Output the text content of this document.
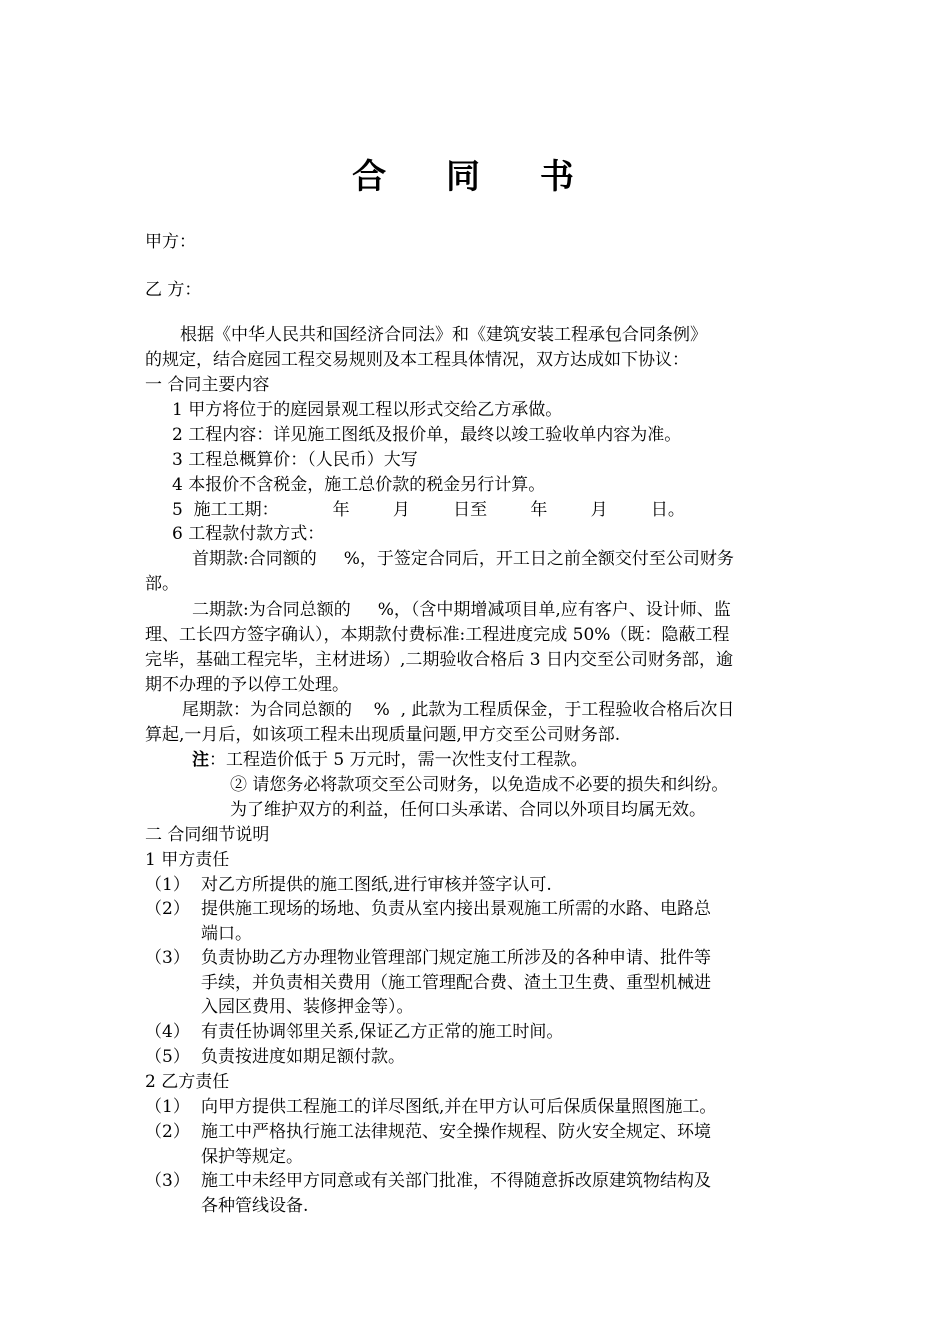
合 同 书
甲方：
乙 方：
根据《中华人民共和国经济合同法》和《建筑安装工程承包合同条例》
的规定，结合庭园工程交易规则及本工程具体情况，双方达成如下协议：
一 合同主要内容
1 甲方将位于的庭园景观工程以形式交给乙方承做。
2 工程内容：详见施工图纸及报价单，最终以竣工验收单内容为准。
3 工程总概算价：（人民币）大写
4 本报价不含税金，施工总价款的税金另行计算。
5  施工工期：          年        月        日至        年        月        日。
6 工程款付款方式：
首期款:合同额的     %，于签定合同后，开工日之前全额交付至公司财务
部。
二期款:为合同总额的     %，（含中期增减项目单,应有客户、设计师、监
理、工长四方签字确认），本期款付费标准:工程进度完成 50%（既：隐蔽工程
完毕，基础工程完毕，主材进场）,二期验收合格后 3 日内交至公司财务部，逾
期不办理的予以停工处理。
尾期款：为合同总额的    %  , 此款为工程质保金，于工程验收合格后次日
算起,一月后，如该项工程未出现质量问题,甲方交至公司财务部.
注：工程造价低于 5 万元时，需一次性支付工程款。
② 请您务必将款项交至公司财务，以免造成不必要的损失和纠纷。
为了维护双方的利益，任何口头承诺、合同以外项目均属无效。
二 合同细节说明
1 甲方责任
（1） 对乙方所提供的施工图纸,进行审核并签字认可.
（2） 提供施工现场的场地、负责从室内接出景观施工所需的水路、电路总
端口。
（3） 负责协助乙方办理物业管理部门规定施工所涉及的各种申请、批件等
手续，并负责相关费用（施工管理配合费、渣土卫生费、重型机械进
入园区费用、装修押金等）。
（4） 有责任协调邻里关系,保证乙方正常的施工时间。
（5） 负责按进度如期足额付款。
2 乙方责任
（1） 向甲方提供工程施工的详尽图纸,并在甲方认可后保质保量照图施工。
（2） 施工中严格执行施工法律规范、安全操作规程、防火安全规定、环境
保护等规定。
（3） 施工中未经甲方同意或有关部门批准，不得随意拆改原建筑物结构及
各种管线设备.
